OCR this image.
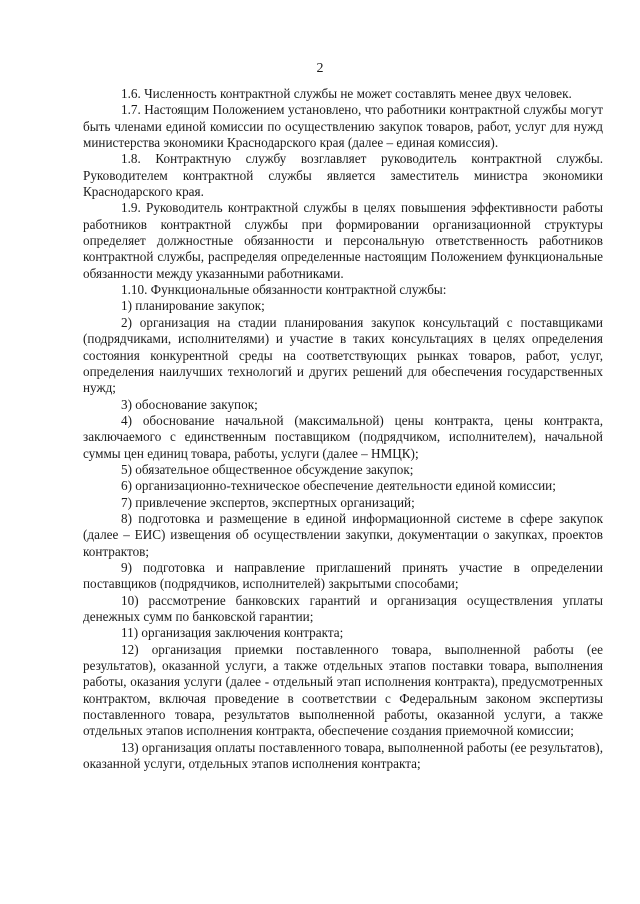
2

1.6. Численность контрактной службы не может составлять менее двух человек.

1.7. Настоящим Положением установлено, что работники контрактной службы могут быть членами единой комиссии по осуществлению закупок товаров, работ, услуг для нужд министерства экономики Краснодарского края (далее – единая комиссия).

1.8. Контрактную службу возглавляет руководитель контрактной службы. Руководителем контрактной службы является заместитель министра экономики Краснодарского края.

1.9. Руководитель контрактной службы в целях повышения эффективности работы работников контрактной службы при формировании организационной структуры определяет должностные обязанности и персональную ответственность работников контрактной службы, распределяя определенные настоящим Положением функциональные обязанности между указанными работниками.

1.10. Функциональные обязанности контрактной службы:

1) планирование закупок;

2) организация на стадии планирования закупок консультаций с поставщиками (подрядчиками, исполнителями) и участие в таких консультациях в целях определения состояния конкурентной среды на соответствующих рынках товаров, работ, услуг, определения наилучших технологий и других решений для обеспечения государственных нужд;

3) обоснование закупок;

4) обоснование начальной (максимальной) цены контракта, цены контракта, заключаемого с единственным поставщиком (подрядчиком, исполнителем), начальной суммы цен единиц товара, работы, услуги (далее – НМЦК);

5) обязательное общественное обсуждение закупок;

6) организационно-техническое обеспечение деятельности единой комиссии;

7) привлечение экспертов, экспертных организаций;

8) подготовка и размещение в единой информационной системе в сфере закупок (далее – ЕИС) извещения об осуществлении закупки, документации о закупках, проектов контрактов;

9) подготовка и направление приглашений принять участие в определении поставщиков (подрядчиков, исполнителей) закрытыми способами;

10) рассмотрение банковских гарантий и организация осуществления уплаты денежных сумм по банковской гарантии;

11) организация заключения контракта;

12) организация приемки поставленного товара, выполненной работы (ее результатов), оказанной услуги, а также отдельных этапов поставки товара, выполнения работы, оказания услуги (далее - отдельный этап исполнения контракта), предусмотренных контрактом, включая проведение в соответствии с Федеральным законом экспертизы поставленного товара, результатов выполненной работы, оказанной услуги, а также отдельных этапов исполнения контракта, обеспечение создания приемочной комиссии;

13) организация оплаты поставленного товара, выполненной работы (ее результатов), оказанной услуги, отдельных этапов исполнения контракта;
